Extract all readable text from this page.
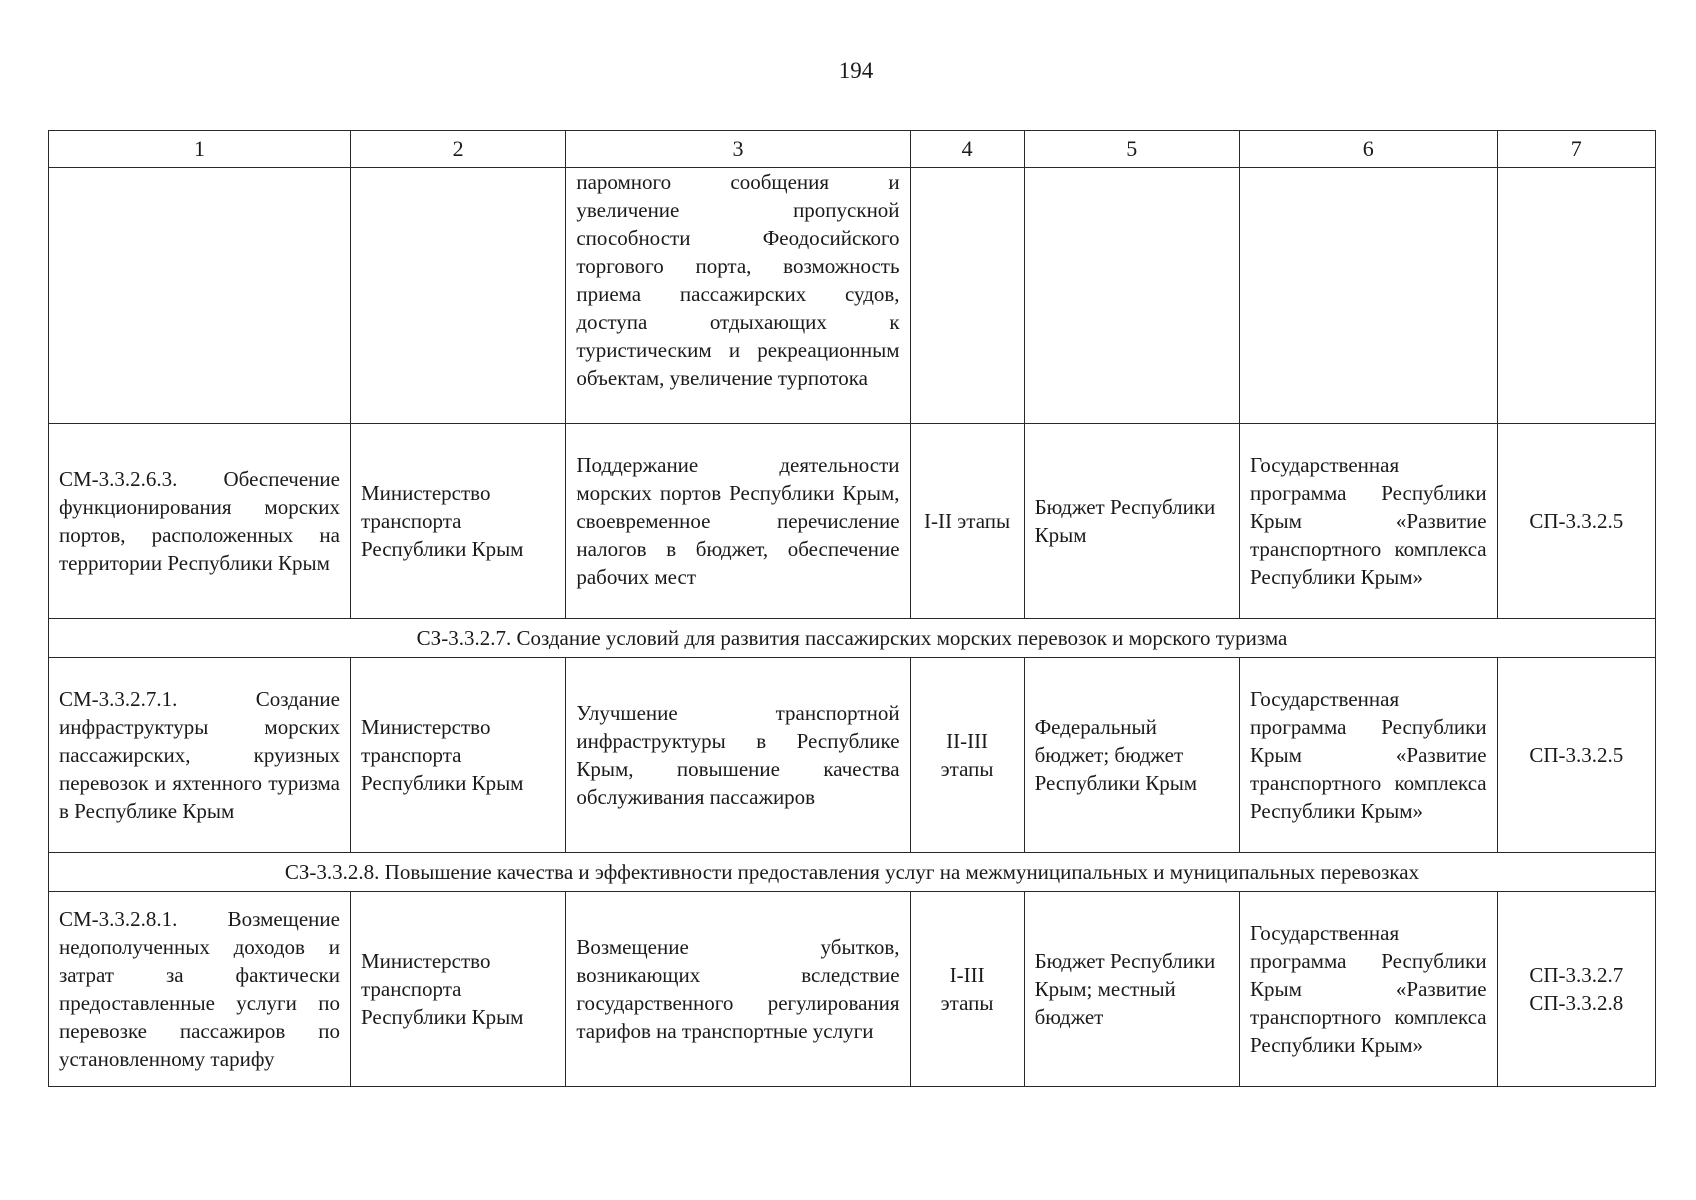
194
1	2	3	4	5	6	7
		паромного сообщения и увеличение пропускной способности Феодосийского торгового порта, возможность приема пассажирских судов, доступа отдыхающих к туристическим и рекреационным объектам, увеличение турпотока				
СМ-3.3.2.6.3. Обеспечение функционирования морских портов, расположенных на территории Республики Крым	Министерство транспорта Республики Крым	Поддержание деятельности морских портов Республики Крым, своевременное перечисление налогов в бюджет, обеспечение рабочих мест	I-II этапы	Бюджет Республики Крым	Государственная программа Республики Крым «Развитие транспортного комплекса Республики Крым»	СП-3.3.2.5
СЗ-3.3.2.7. Создание условий для развития пассажирских морских перевозок и морского туризма						
СМ-3.3.2.7.1. Создание инфраструктуры морских пассажирских, круизных перевозок и яхтенного туризма в Республике Крым	Министерство транспорта Республики Крым	Улучшение транспортной инфраструктуры в Республике Крым, повышение качества обслуживания пассажиров	II-III этапы	Федеральный бюджет; бюджет Республики Крым	Государственная программа Республики Крым «Развитие транспортного комплекса Республики Крым»	СП-3.3.2.5
СЗ-3.3.2.8. Повышение качества и эффективности предоставления услуг на межмуниципальных и муниципальных перевозках						
СМ-3.3.2.8.1. Возмещение недополученных доходов и затрат за фактически предоставленные услуги по перевозке пассажиров по установленному тарифу	Министерство транспорта Республики Крым	Возмещение убытков, возникающих вследствие государственного регулирования тарифов на транспортные услуги	I-III этапы	Бюджет Республики Крым; местный бюджет	Государственная программа Республики Крым «Развитие транспортного комплекса Республики Крым»	СП-3.3.2.7
СП-3.3.2.8
